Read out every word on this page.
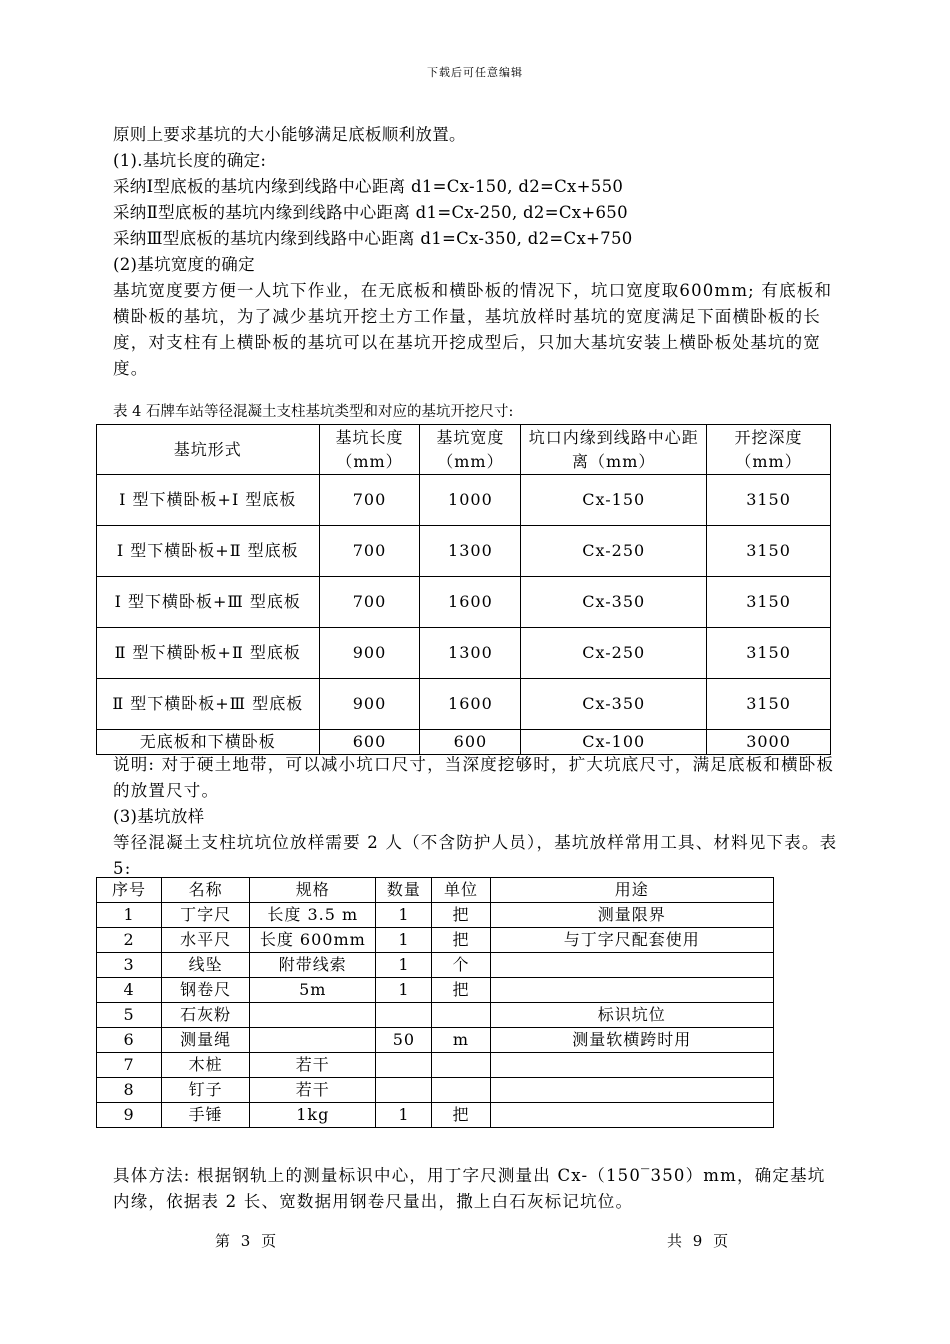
下载后可任意编辑
原则上要求基坑的大小能够满足底板顺利放置。
(1).基坑长度的确定:
采纳Ⅰ型底板的基坑内缘到线路中心距离 d1=Cx-150, d2=Cx+550
采纳Ⅱ型底板的基坑内缘到线路中心距离 d1=Cx-250, d2=Cx+650
采纳Ⅲ型底板的基坑内缘到线路中心距离 d1=Cx-350, d2=Cx+750
(2)基坑宽度的确定
基坑宽度要方便一人坑下作业，在无底板和横卧板的情况下，坑口宽度取600mm; 有底板和横卧板的基坑，为了减少基坑开挖土方工作量，基坑放样时基坑的宽度满足下面横卧板的长度，对支柱有上横卧板的基坑可以在基坑开挖成型后，只加大基坑安装上横卧板处基坑的宽度。
表 4 石牌车站等径混凝土支柱基坑类型和对应的基坑开挖尺寸:
基坑形式	基坑长度（mm）	基坑宽度（mm）	坑口内缘到线路中心距离（mm）	开挖深度（mm）
Ⅰ 型下横卧板+Ⅰ 型底板	700	1000	Cx-150	3150
Ⅰ 型下横卧板+Ⅱ 型底板	700	1300	Cx-250	3150
Ⅰ 型下横卧板+Ⅲ 型底板	700	1600	Cx-350	3150
Ⅱ 型下横卧板+Ⅱ 型底板	900	1300	Cx-250	3150
Ⅱ 型下横卧板+Ⅲ 型底板	900	1600	Cx-350	3150
无底板和下横卧板	600	600	Cx-100	3000
说明: 对于硬土地带，可以减小坑口尺寸，当深度挖够时，扩大坑底尺寸，满足底板和横卧板的放置尺寸。
(3)基坑放样
等径混凝土支柱坑坑位放样需要 2 人（不含防护人员），基坑放样常用工具、材料见下表。表 5:
序号	名称	规格	数量	单位	用途
1	丁字尺	长度 3.5 m	1	把	测量限界
2	水平尺	长度 600mm	1	把	与丁字尺配套使用
3	线坠	附带线索	1	个	
4	钢卷尺	5m	1	把	
5	石灰粉				标识坑位
6	测量绳		50	m	测量软横跨时用
7	木桩	若干			
8	钉子	若干			
9	手锤	1kg	1	把	
具体方法: 根据钢轨上的测量标识中心，用丁字尺测量出 Cx-（150‾350）mm，确定基坑内缘，依据表 2 长、宽数据用钢卷尺量出，撒上白石灰标记坑位。
第 3 页	共 9 页
